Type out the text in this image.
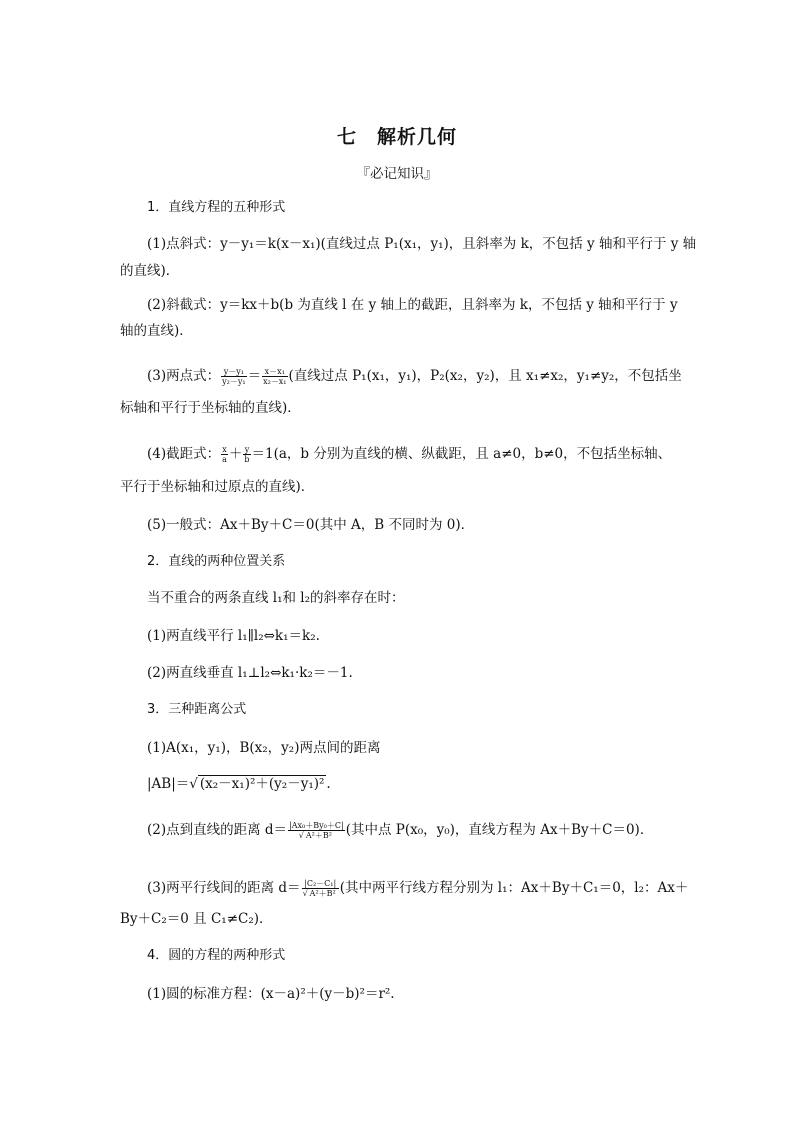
七　解析几何
『必记知识』
1．直线方程的五种形式
(1)点斜式：y－y₁＝k(x－x₁)(直线过点 P₁(x₁，y₁)，且斜率为 k，不包括 y 轴和平行于 y 轴
的直线)．
(2)斜截式：y＝kx＋b(b 为直线 l 在 y 轴上的截距，且斜率为 k，不包括 y 轴和平行于 y
轴的直线)．
(3)两点式： $\frac{\text{y－y₁}}{\text{y₂－y₁}} = \frac{\text{x－x₁}}{\text{x₂－x₁}}$ (直线过点 P₁(x₁，y₁)，P₂(x₂，y₂)，且 x₁≠x₂，y₁≠y₂，不包括坐
标轴和平行于坐标轴的直线)．
(4)截距式： $\frac{x}{a} + \frac{y}{b} =1(a$，b 分别为直线的横、纵截距，且 a≠0，b≠0，不包括坐标轴、
平行于坐标轴和过原点的直线)．
(5)一般式：Ax＋By＋C＝0(其中 A，B 不同时为 0)．
2．直线的两种位置关系
当不重合的两条直线 l₁和 l₂的斜率存在时：
(1)两直线平行 l₁∥l₂⇔k₁＝k₂.
(2)两直线垂直 l₁⊥l₂⇔k₁·k₂＝－1.
3．三种距离公式
(1)A(x₁，y₁)，B(x₂，y₂)两点间的距离
|AB|＝√ (x₂－x₁)²＋(y₂－y₁)² .
(2)点到直线的距离 $d= \frac{\text{|Ax₀＋By₀＋C|}}{\text{√ A²＋B²}}$ (其中点 P(x₀，y₀)，直线方程为 Ax＋By＋C＝0)．
(3)两平行线间的距离 $d= \frac{\text{|C₂－C₁|}}{\text{√ A²＋B²}}$ (其中两平行线方程分别为 l₁：Ax＋By＋C₁＝0，l₂：Ax＋
By＋C₂＝0 且 C₁≠C₂)．
4．圆的方程的两种形式
(1)圆的标准方程：(x－a)²＋(y－b)²＝r².
